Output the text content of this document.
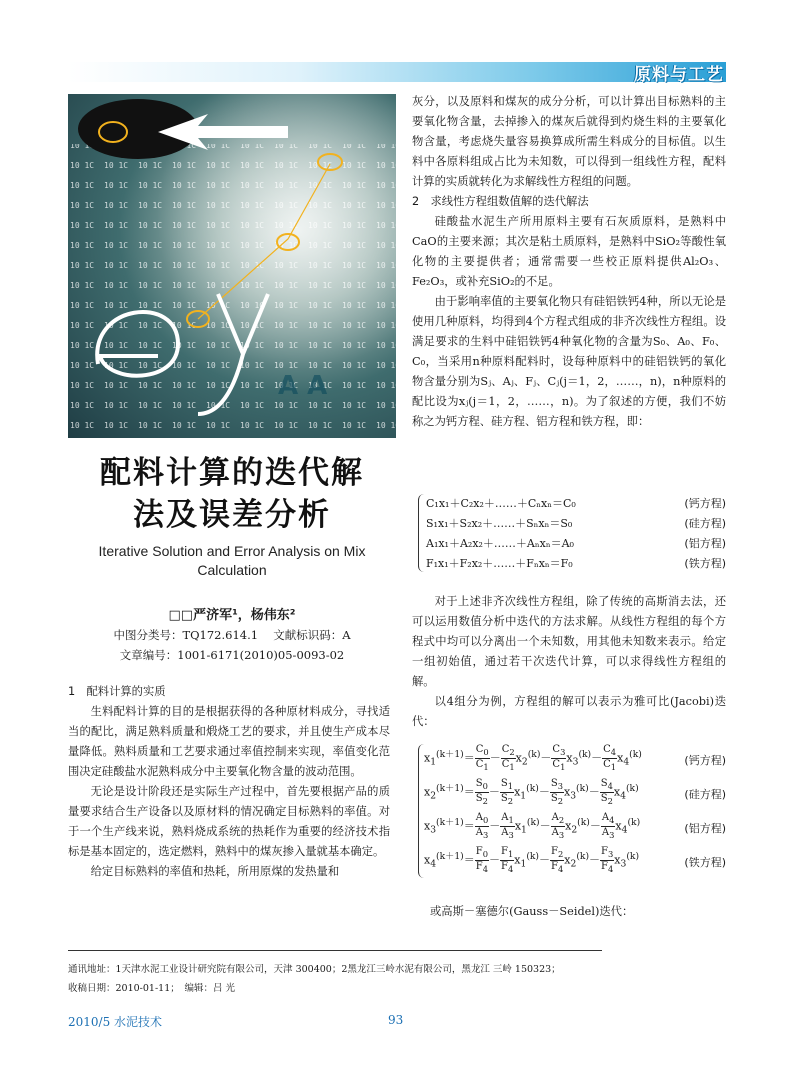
原料与工艺
A A
配料计算的迭代解
法及误差分析
Iterative Solution and Error Analysis on Mix
Calculation
□□严济军¹，杨伟东²
中图分类号：TQ172.614.1　 文献标识码：A
文章编号：1001-6171(2010)05-0093-02

1　配料计算的实质

生料配料计算的目的是根据获得的各种原材料成分，寻找适当的配比，满足熟料质量和煅烧工艺的要求，并且使生产成本尽量降低。熟料质量和工艺要求通过率值控制来实现，率值变化范围决定硅酸盐水泥熟料成分中主要氧化物含量的波动范围。

无论是设计阶段还是实际生产过程中，首先要根据产品的质量要求结合生产设备以及原材料的情况确定目标熟料的率值。对于一个生产线来说，熟料烧成系统的热耗作为重要的经济技术指标是基本固定的，选定燃料，熟料中的煤灰掺入量就基本确定。

给定目标熟料的率值和热耗，所用原煤的发热量和

灰分，以及原料和煤灰的成分分析，可以计算出目标熟料的主要氧化物含量，去掉掺入的煤灰后就得到灼烧生料的主要氧化物含量，考虑烧失量容易换算成所需生料成分的目标值。以生料中各原料组成占比为未知数，可以得到一组线性方程，配料计算的实质就转化为求解线性方程组的问题。

2　求线性方程组数值解的迭代解法

硅酸盐水泥生产所用原料主要有石灰质原料，是熟料中CaO的主要来源；其次是粘土质原料，是熟料中SiO₂等酸性氧化物的主要提供者；通常需要一些校正原料提供Al₂O₃、Fe₂O₃，或补充SiO₂的不足。

由于影响率值的主要氧化物只有硅铝铁钙4种，所以无论是使用几种原料，均得到4个方程式组成的非齐次线性方程组。设满足要求的生料中硅铝铁钙4种氧化物的含量为S₀、A₀、F₀、C₀，当采用n种原料配料时，设每种原料中的硅铝铁钙的氧化物含量分别为Sⱼ、Aⱼ、Fⱼ、Cⱼ(j＝1，2，……，n)，n种原料的配比设为xⱼ(j＝1，2，……，n)。为了叙述的方便，我们不妨称之为钙方程、硅方程、铝方程和铁方程，即：

C₁x₁＋C₂x₂＋……＋Cₙxₙ＝C₀
S₁x₁＋S₂x₂＋……＋Sₙxₙ＝S₀
A₁x₁＋A₂x₂＋……＋Aₙxₙ＝A₀
F₁x₁＋F₂x₂＋……＋Fₙxₙ＝F₀
(钙方程)
(硅方程)
(铝方程)
(铁方程)

对于上述非齐次线性方程组，除了传统的高斯消去法，还可以运用数值分析中迭代的方法求解。从线性方程组的每个方程式中均可以分离出一个未知数，用其他未知数来表示。给定一组初始值，通过若干次迭代计算，可以求得线性方程组的解。

以4组分为例，方程组的解可以表示为雅可比(Jacobi)迭代：

$x_1^{(k+1)}= \frac{C_0}{C_1} - \frac{C_2}{C_1} x_2^{(k)}- \frac{C_3}{C_1} x_3^{(k)}- \frac{C_4}{C_1} x_4^{(k)}$
$x_2^{(k+1)}= \frac{S_0}{S_2} - \frac{S_1}{S_2} x_1^{(k)}- \frac{S_3}{S_2} x_3^{(k)}- \frac{S_4}{S_2} x_4^{(k)}$
$x_3^{(k+1)}= \frac{A_0}{A_3} - \frac{A_1}{A_3} x_1^{(k)}- \frac{A_2}{A_3} x_2^{(k)}- \frac{A_4}{A_3} x_4^{(k)}$
$x_4^{(k+1)}= \frac{F_0}{F_4} - \frac{F_1}{F_4} x_1^{(k)}- \frac{F_2}{F_4} x_2^{(k)}- \frac{F_3}{F_4} x_3^{(k)}$
(钙方程)
(硅方程)
(铝方程)
(铁方程)
或高斯－塞德尔(Gauss－Seidel)迭代：
通讯地址：1天津水泥工业设计研究院有限公司，天津 300400；2黑龙江三岭水泥有限公司，黑龙江 三岭 150323；
收稿日期：2010-01-11；　编辑：吕 光
2010/5 水泥技术	93
